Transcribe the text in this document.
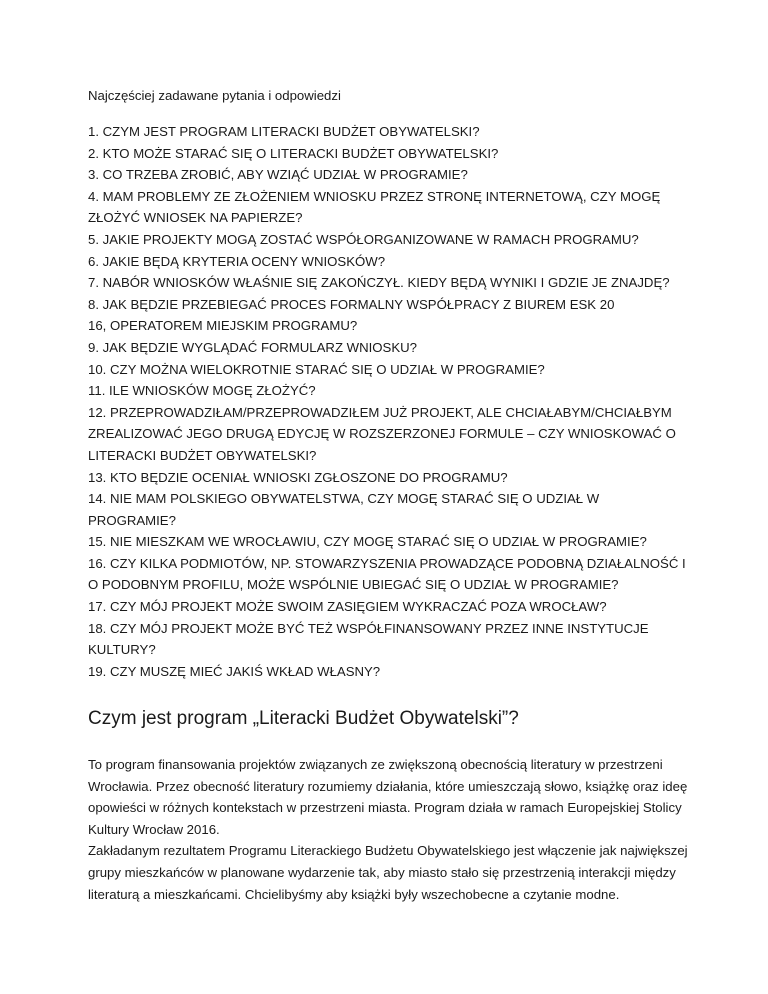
Najczęściej zadawane pytania i odpowiedzi
1. CZYM JEST PROGRAM LITERACKI BUDŻET OBYWATELSKI?
2. KTO MOŻE STARAĆ SIĘ O LITERACKI BUDŻET OBYWATELSKI?
3. CO TRZEBA ZROBIĆ, ABY WZIĄĆ UDZIAŁ W PROGRAMIE?
4. MAM PROBLEMY ZE ZŁOŻENIEM WNIOSKU PRZEZ STRONĘ INTERNETOWĄ, CZY MOGĘ ZŁOŻYĆ WNIOSEK NA PAPIERZE?
5. JAKIE PROJEKTY MOGĄ ZOSTAĆ WSPÓŁORGANIZOWANE W RAMACH PROGRAMU?
6. JAKIE BĘDĄ KRYTERIA OCENY WNIOSKÓW?
7. NABÓR WNIOSKÓW WŁAŚNIE SIĘ ZAKOŃCZYŁ. KIEDY BĘDĄ WYNIKI I GDZIE JE ZNAJDĘ?
8. JAK BĘDZIE PRZEBIEGAĆ PROCES FORMALNY WSPÓŁPRACY Z BIUREM ESK 20
16, OPERATOREM MIEJSKIM PROGRAMU?
9. JAK BĘDZIE WYGLĄDAĆ FORMULARZ WNIOSKU?
10. CZY MOŻNA WIELOKROTNIE STARAĆ SIĘ O UDZIAŁ W PROGRAMIE?
11. ILE WNIOSKÓW MOGĘ ZŁOŻYĆ?
12. PRZEPROWADZIŁAM/PRZEPROWADZIŁEM JUŻ PROJEKT, ALE CHCIAŁABYM/CHCIAŁBYM ZREALIZOWAĆ JEGO DRUGĄ EDYCJĘ W ROZSZERZONEJ FORMULE – CZY WNIOSKOWAĆ O LITERACKI BUDŻET OBYWATELSKI?
13. KTO BĘDZIE OCENIAŁ WNIOSKI ZGŁOSZONE DO PROGRAMU?
14. NIE MAM POLSKIEGO OBYWATELSTWA, CZY MOGĘ STARAĆ SIĘ O UDZIAŁ W PROGRAMIE?
15. NIE MIESZKAM WE WROCŁAWIU, CZY MOGĘ STARAĆ SIĘ O UDZIAŁ W PROGRAMIE?
16. CZY KILKA PODMIOTÓW, NP. STOWARZYSZENIA PROWADZĄCE PODOBNĄ DZIAŁALNOŚĆ I O PODOBNYM PROFILU, MOŻE WSPÓLNIE UBIEGAĆ SIĘ O UDZIAŁ W PROGRAMIE?
17. CZY MÓJ PROJEKT MOŻE SWOIM ZASIĘGIEM WYKRACZAĆ POZA WROCŁAW?
18. CZY MÓJ PROJEKT MOŻE BYĆ TEŻ WSPÓŁFINANSOWANY PRZEZ INNE INSTYTUCJE KULTURY?
19. CZY MUSZĘ MIEĆ JAKIŚ WKŁAD WŁASNY?
Czym jest program „Literacki Budżet Obywatelski”?

To program finansowania projektów związanych ze zwiększoną obecnością literatury w przestrzeni Wrocławia. Przez obecność literatury rozumiemy działania, które umieszczają słowo, książkę oraz ideę opowieści w różnych kontekstach w przestrzeni miasta. Program działa w ramach Europejskiej Stolicy Kultury Wrocław 2016.

Zakładanym rezultatem Programu Literackiego Budżetu Obywatelskiego jest włączenie jak największej grupy mieszkańców w planowane wydarzenie tak, aby miasto stało się przestrzenią interakcji między literaturą a mieszkańcami. Chcielibyśmy aby książki były wszechobecne a czytanie modne.
